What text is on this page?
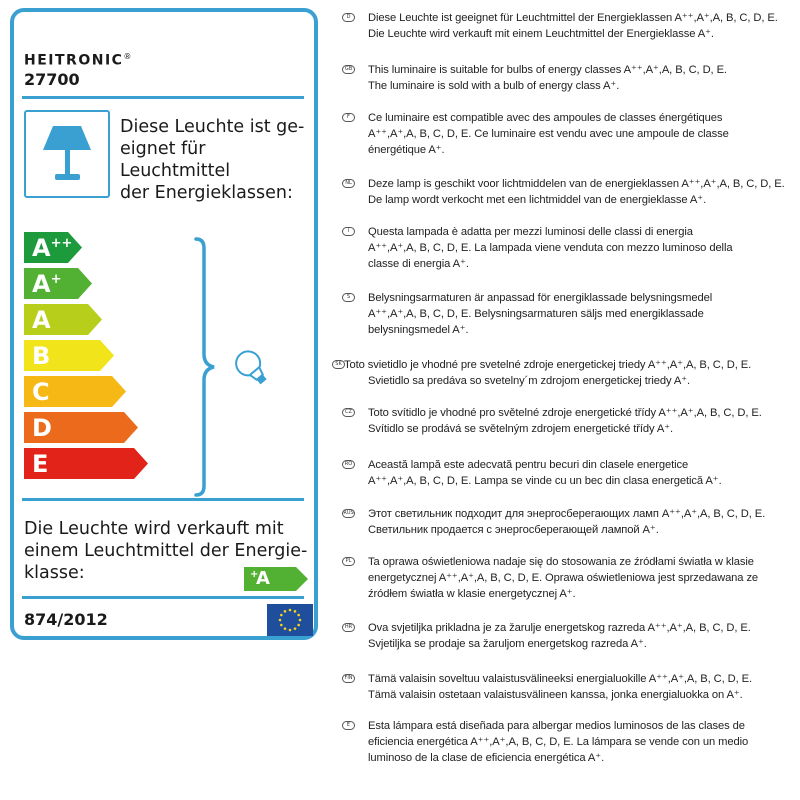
HEITRONIC®
27700
Diese Leuchte ist ge-
eignet für Leuchtmittel
der Energieklassen:
A++
A+
A
B
C
D
E
Die Leuchte wird verkauft mit
einem Leuchtmittel der Energie-
klasse:	A
+
874/2012
D	Diese Leuchte ist geeignet für Leuchtmittel der Energieklassen A⁺⁺,A⁺,A, B, C, D, E.
Die Leuchte wird verkauft mit einem Leuchtmittel der Energieklasse A⁺.
GB This luminaire is suitable for bulbs of energy classes A⁺⁺,A⁺,A, B, C, D, E.
The luminaire is sold with a bulb of energy class A⁺.
F	Ce luminaire est compatible avec des ampoules de classes énergétiques
A⁺⁺,A⁺,A, B, C, D, E. Ce luminaire est vendu avec une ampoule de classe
énergétique A⁺.
NL Deze lamp is geschikt voor lichtmiddelen van de energieklassen A⁺⁺,A⁺,A, B, C, D, E.
De lamp wordt verkocht met een lichtmiddel van de energieklasse A⁺.
I	Questa lampada è adatta per mezzi luminosi delle classi di energia
A⁺⁺,A⁺,A, B, C, D, E. La lampada viene venduta con mezzo luminoso della
classe di energia A⁺.
S	Belysningsarmaturen är anpassad för energiklassade belysningsmedel
A⁺⁺,A⁺,A, B, C, D, E. Belysningsarmaturen säljs med energiklassade
belysningsmedel A⁺.
SK Toto svietidlo je vhodné pre svetelné zdroje energetickej triedy A⁺⁺,A⁺,A, B, C, D, E.
Svietidlo sa predáva so svetelny´m zdrojom energetickej triedy A⁺.
CZ Toto svítidlo je vhodné pro světelné zdroje energetické třídy A⁺⁺,A⁺,A, B, C, D, E.
Svítidlo se prodává se světelným zdrojem energetické třídy A⁺.
RO Această lampă este adecvată pentru becuri din clasele energetice
A⁺⁺,A⁺,A, B, C, D, E. Lampa se vinde cu un bec din clasa energetică A⁺.
RUS Этот светильник подходит для энергосберегающих ламп A⁺⁺,A⁺,A, B, C, D, E.
Светильник продается с энергосберегающей лампой A⁺.
PL	Ta oprawa oświetleniowa nadaje się do stosowania ze źródłami światła w klasie
energetycznej A⁺⁺,A⁺,A, B, C, D, E. Oprawa oświetleniowa jest sprzedawana ze
źródłem światła w klasie energetycznej A⁺.
HR Ova svjetiljka prikladna je za žarulje energetskog razreda A⁺⁺,A⁺,A, B, C, D, E.
Svjetiljka se prodaje sa žaruljom energetskog razreda A⁺.
FIN Tämä valaisin soveltuu valaistusvälineeksi energialuokille A⁺⁺,A⁺,A, B, C, D, E.
Tämä valaisin ostetaan valaistusvälineen kanssa, jonka energialuokka on A⁺.
E	Esta lámpara está diseñada para albergar medios luminosos de las clases de
eficiencia energética A⁺⁺,A⁺,A, B, C, D, E. La lámpara se vende con un medio
luminoso de la clase de eficiencia energética A⁺.
